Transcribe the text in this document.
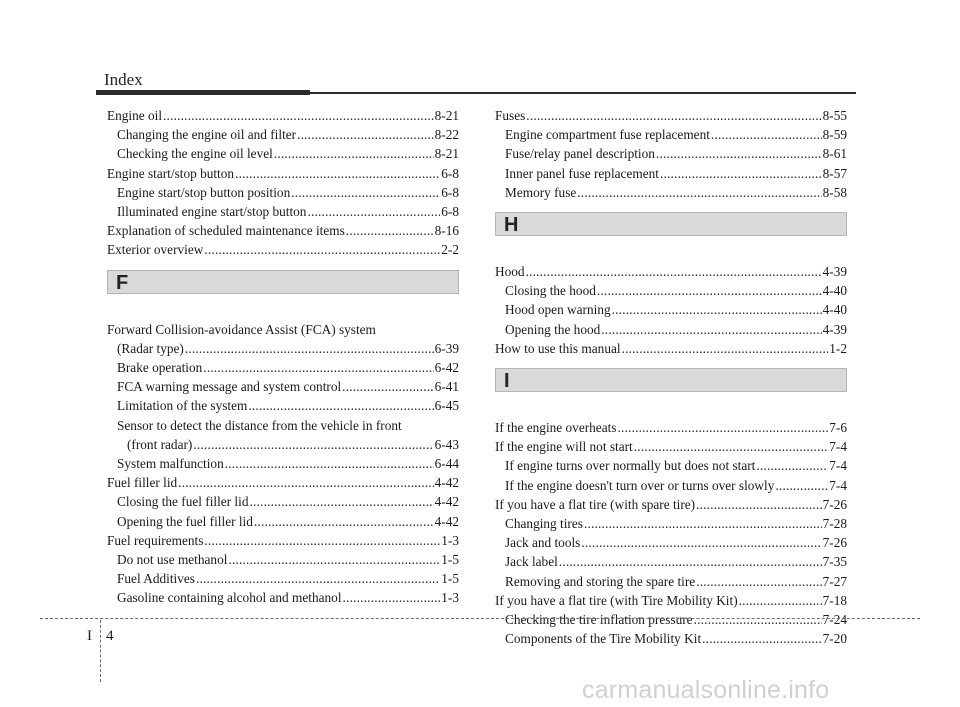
Index
Engine oil .....	8-21
Changing the engine oil and filter .....	8-22
Checking the engine oil level .....	8-21
Engine start/stop button .....	6-8
Engine start/stop button position .....	6-8
Illuminated engine start/stop button .....	6-8
Explanation of scheduled maintenance items .....	8-16
Exterior overview .....	2-2
F
Forward Collision-avoidance Assist (FCA) system
(Radar type) .....	6-39
Brake operation .....	6-42
FCA warning message and system control .....	6-41
Limitation of the system .....	6-45
Sensor to detect the distance from the vehicle in front
(front radar) .....	6-43
System malfunction .....	6-44
Fuel filler lid .....	4-42
Closing the fuel filler lid .....	4-42
Opening the fuel filler lid .....	4-42
Fuel requirements .....	1-3
Do not use methanol .....	1-5
Fuel Additives .....	1-5
Gasoline containing alcohol and methanol .....	1-3
Fuses .....	8-55
Engine compartment fuse replacement .....	8-59
Fuse/relay panel description .....	8-61
Inner panel fuse replacement .....	8-57
Memory fuse .....	8-58
H
Hood .....	4-39
Closing the hood .....	4-40
Hood open warning .....	4-40
Opening the hood .....	4-39
How to use this manual .....	1-2
I
If the engine overheats .....	7-6
If the engine will not start .....	7-4
If engine turns over normally but does not start .....	7-4
If the engine doesn't turn over or turns over slowly .....	7-4
If you have a flat tire (with spare tire) .....	7-26
Changing tires .....	7-28
Jack and tools .....	7-26
Jack label .....	7-35
Removing and storing the spare tire .....	7-27
If you have a flat tire (with Tire Mobility Kit) .....	7-18
Checking the tire inflation pressure .....	7-24
Components of the Tire Mobility Kit .....	7-20
I 4
carmanualsonline.info
